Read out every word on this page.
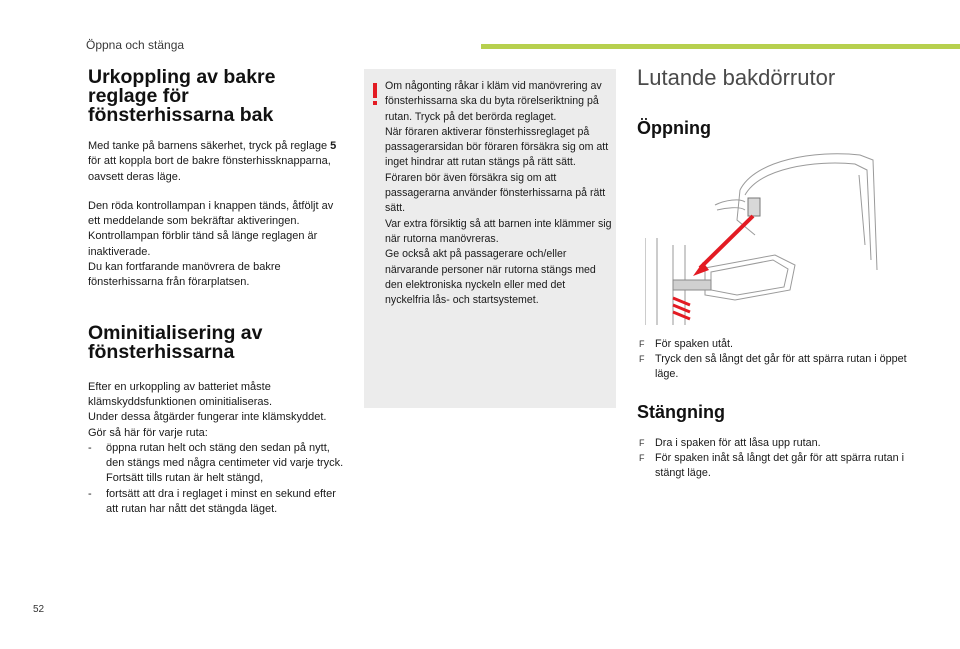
Öppna och stänga
Urkoppling av bakre reglage för fönsterhissarna bak

Med tanke på barnens säkerhet, tryck på reglage 5 för att koppla bort de bakre fönsterhissknapparna, oavsett deras läge.

Den röda kontrollampan i knappen tänds, åtföljt av ett meddelande som bekräftar aktiveringen. Kontrollampan förblir tänd så länge reglagen är inaktiverade.

Du kan fortfarande manövrera de bakre fönsterhissarna från förarplatsen.

Ominitialisering av fönsterhissarna

Efter en urkoppling av batteriet måste klämskyddsfunktionen ominitialiseras.

Under dessa åtgärder fungerar inte klämskyddet.

Gör så här för varje ruta:

- öppna rutan helt och stäng den sedan på nytt, den stängs med några centimeter vid varje tryck. Fortsätt tills rutan är helt stängd,

- fortsätt att dra i reglaget i minst en sekund efter att rutan har nått det stängda läget.

Om någonting råkar i kläm vid manövrering av fönsterhissarna ska du byta rörelseriktning på rutan. Tryck på det berörda reglaget.
När föraren aktiverar fönsterhissreglaget på passagerarsidan bör föraren försäkra sig om att inget hindrar att rutan stängs på rätt sätt.
Föraren bör även försäkra sig om att passagerarna använder fönsterhissarna på rätt sätt.
Var extra försiktig så att barnen inte klämmer sig när rutorna manövreras.
Ge också akt på passagerare och/eller närvarande personer när rutorna stängs med den elektroniska nyckeln eller med det nyckelfria lås- och startsystemet.

Lutande bakdörrutor
Öppning
F För spaken utåt.
F Tryck den så långt det går för att spärra rutan i öppet läge.
Stängning
F Dra i spaken för att låsa upp rutan.
F För spaken inåt så långt det går för att spärra rutan i stängt läge.
52
